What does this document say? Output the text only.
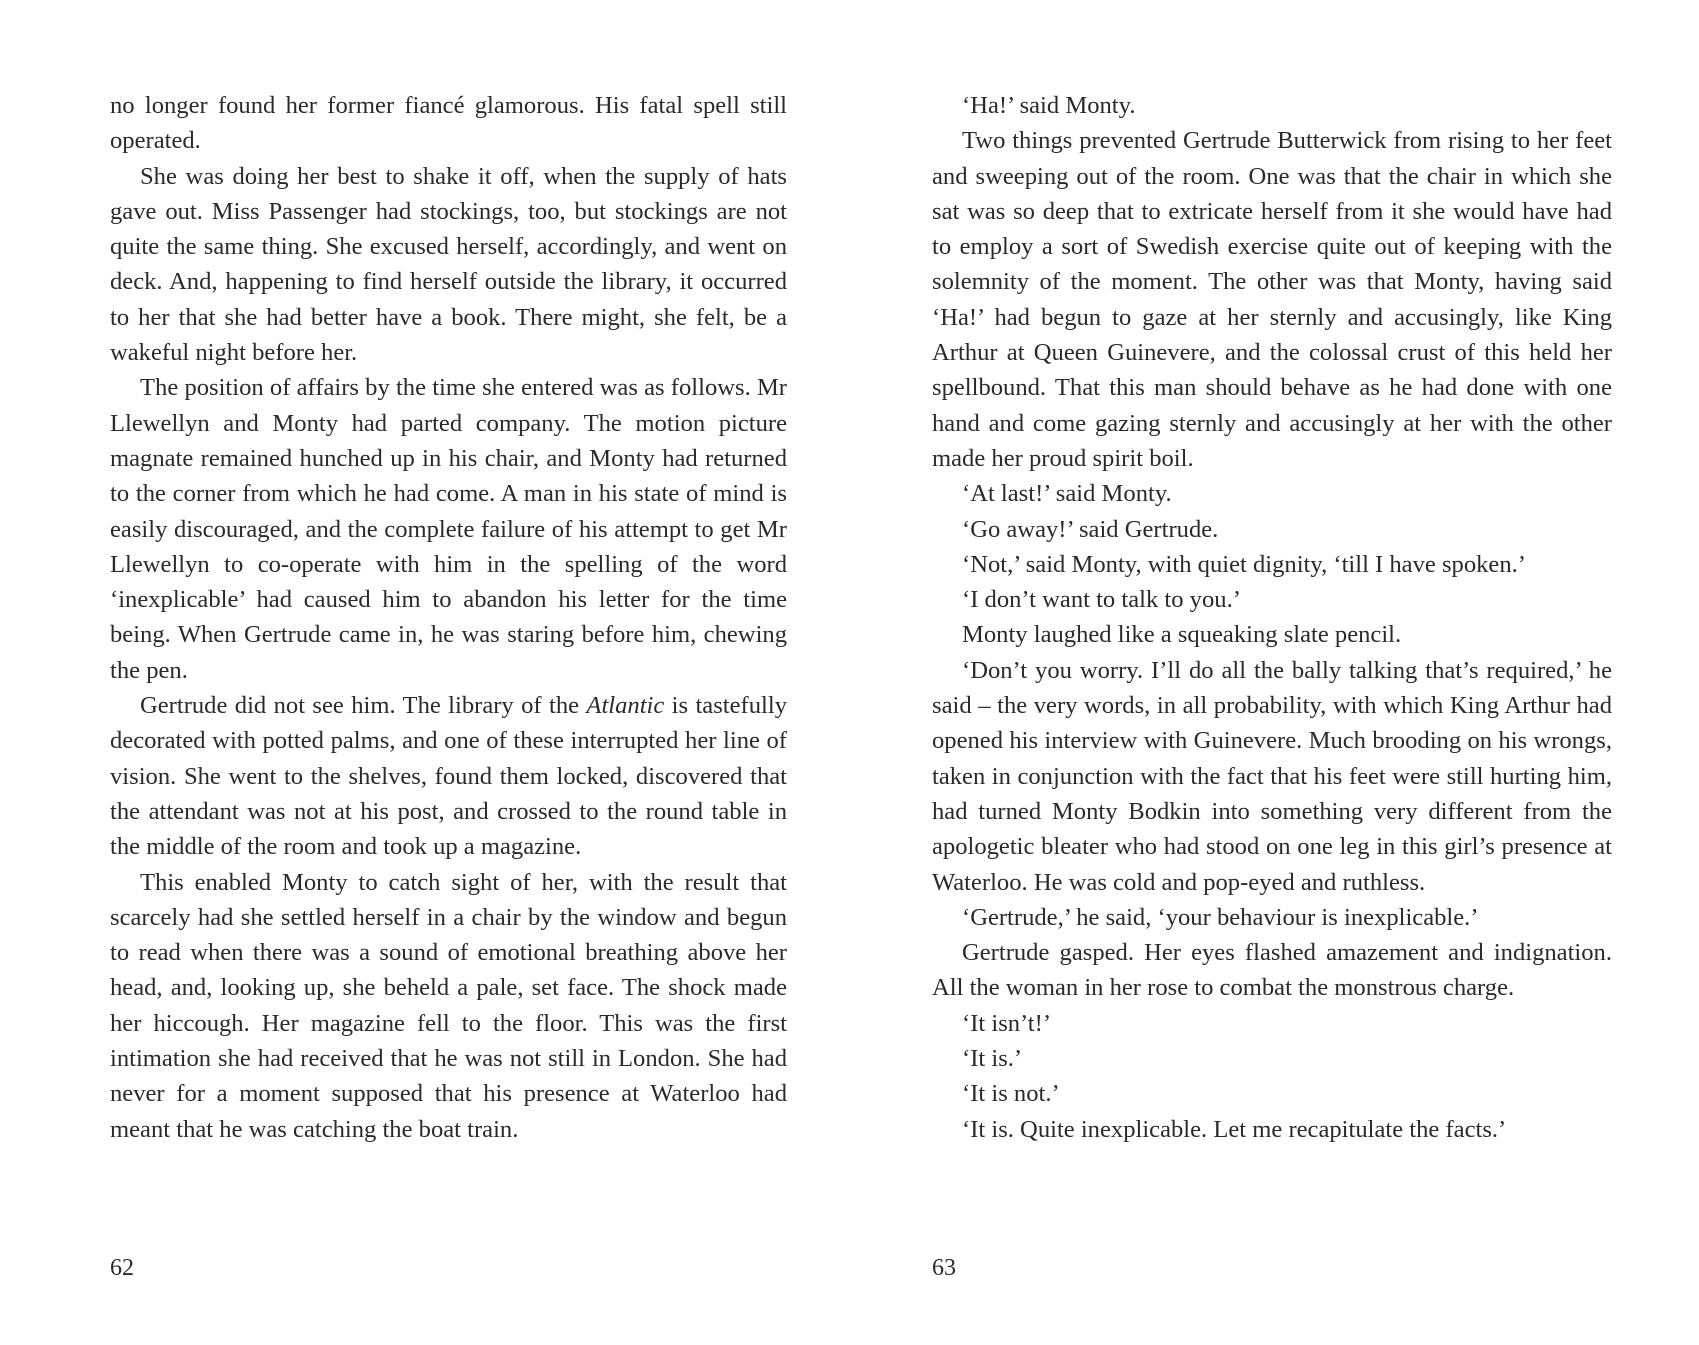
no longer found her former fiancé glamorous. His fatal spell still operated.

She was doing her best to shake it off, when the supply of hats gave out. Miss Passenger had stockings, too, but stockings are not quite the same thing. She excused herself, accordingly, and went on deck. And, happening to find herself outside the library, it occurred to her that she had better have a book. There might, she felt, be a wakeful night before her.

The position of affairs by the time she entered was as follows. Mr Llewellyn and Monty had parted company. The motion picture magnate remained hunched up in his chair, and Monty had returned to the corner from which he had come. A man in his state of mind is easily discouraged, and the complete failure of his attempt to get Mr Llewellyn to co-operate with him in the spelling of the word ‘inexplicable’ had caused him to abandon his letter for the time being. When Gertrude came in, he was staring before him, chewing the pen.

Gertrude did not see him. The library of the Atlantic is tastefully decorated with potted palms, and one of these interrupted her line of vision. She went to the shelves, found them locked, discovered that the attendant was not at his post, and crossed to the round table in the middle of the room and took up a magazine.

This enabled Monty to catch sight of her, with the result that scarcely had she settled herself in a chair by the window and begun to read when there was a sound of emotional breathing above her head, and, looking up, she beheld a pale, set face. The shock made her hiccough. Her magazine fell to the floor. This was the first intimation she had received that he was not still in London. She had never for a moment supposed that his presence at Waterloo had meant that he was catching the boat train.

62

‘Ha!’ said Monty.

Two things prevented Gertrude Butterwick from rising to her feet and sweeping out of the room. One was that the chair in which she sat was so deep that to extricate herself from it she would have had to employ a sort of Swedish exercise quite out of keeping with the solemnity of the moment. The other was that Monty, having said ‘Ha!’ had begun to gaze at her sternly and accusingly, like King Arthur at Queen Guinevere, and the colossal crust of this held her spellbound. That this man should behave as he had done with one hand and come gazing sternly and accusingly at her with the other made her proud spirit boil.

‘At last!’ said Monty.

‘Go away!’ said Gertrude.

‘Not,’ said Monty, with quiet dignity, ‘till I have spoken.’

‘I don’t want to talk to you.’

Monty laughed like a squeaking slate pencil.

‘Don’t you worry. I’ll do all the bally talking that’s required,’ he said – the very words, in all probability, with which King Arthur had opened his interview with Guinevere. Much brooding on his wrongs, taken in conjunction with the fact that his feet were still hurting him, had turned Monty Bodkin into something very different from the apologetic bleater who had stood on one leg in this girl’s presence at Waterloo. He was cold and pop-eyed and ruthless.

‘Gertrude,’ he said, ‘your behaviour is inexplicable.’

Gertrude gasped. Her eyes flashed amazement and indignation. All the woman in her rose to combat the monstrous charge.

‘It isn’t!’

‘It is.’

‘It is not.’

‘It is. Quite inexplicable. Let me recapitulate the facts.’

63
